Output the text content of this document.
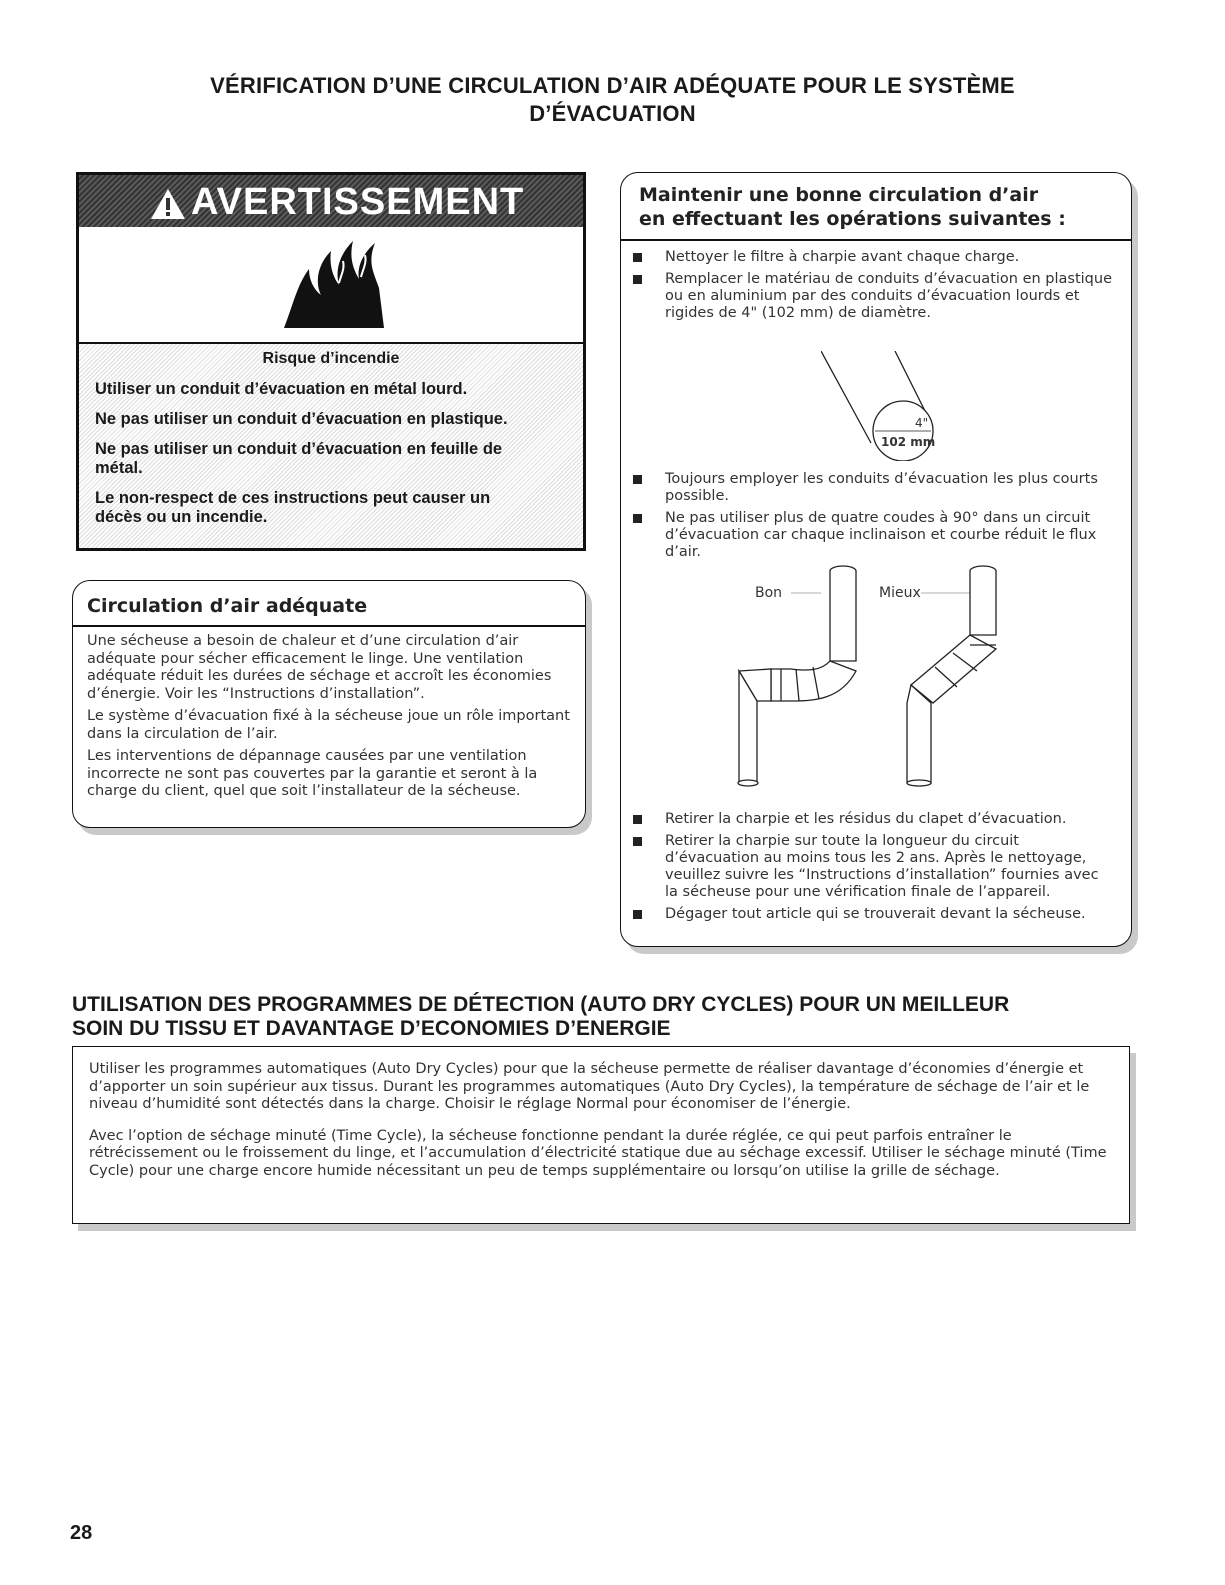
VÉRIFICATION D’UNE CIRCULATION D’AIR ADÉQUATE POUR LE SYSTÈME
D’ÉVACUATION
AVERTISSEMENT
Risque d’incendie

Utiliser un conduit d’évacuation en métal lourd.

Ne pas utiliser un conduit d’évacuation en plastique.

Ne pas utiliser un conduit d’évacuation en feuille de métal.

Le non-respect de ces instructions peut causer un décès ou un incendie.

Circulation d’air adéquate

Une sécheuse a besoin de chaleur et d’une circulation d’air adéquate pour sécher efficacement le linge. Une ventilation adéquate réduit les durées de séchage et accroît les économies d’énergie. Voir les “Instructions d’installation”.

Le système d’évacuation fixé à la sécheuse joue un rôle important dans la circulation de l’air.

Les interventions de dépannage causées par une ventilation incorrecte ne sont pas couvertes par la garantie et seront à la charge du client, quel que soit l’installateur de la sécheuse.

Maintenir une bonne circulation d’air
en effectuant les opérations suivantes :
Nettoyer le filtre à charpie avant chaque charge.
Remplacer le matériau de conduits d’évacuation en plastique ou en aluminium par des conduits d’évacuation lourds et rigides de 4" (102 mm) de diamètre.
4"
102 mm
Toujours employer les conduits d’évacuation les plus courts possible.
Ne pas utiliser plus de quatre coudes à 90° dans un circuit d’évacuation car chaque inclinaison et courbe réduit le flux d’air.
Bon	Mieux
Retirer la charpie et les résidus du clapet d’évacuation.
Retirer la charpie sur toute la longueur du circuit d’évacuation au moins tous les 2 ans. Après le nettoyage, veuillez suivre les “Instructions d’installation” fournies avec la sécheuse pour une vérification finale de l’appareil.
Dégager tout article qui se trouverait devant la sécheuse.
UTILISATION DES PROGRAMMES DE DÉTECTION (AUTO DRY CYCLES) POUR UN MEILLEUR
SOIN DU TISSU ET DAVANTAGE D’ECONOMIES D’ENERGIE

Utiliser les programmes automatiques (Auto Dry Cycles) pour que la sécheuse permette de réaliser davantage d’économies d’énergie et d’apporter un soin supérieur aux tissus. Durant les programmes automatiques (Auto Dry Cycles), la température de séchage de l’air et le niveau d’humidité sont détectés dans la charge. Choisir le réglage Normal pour économiser de l’énergie.

Avec l’option de séchage minuté (Time Cycle), la sécheuse fonctionne pendant la durée réglée, ce qui peut parfois entraîner le rétrécissement ou le froissement du linge, et l’accumulation d’électricité statique due au séchage excessif. Utiliser le séchage minuté (Time Cycle) pour une charge encore humide nécessitant un peu de temps supplémentaire ou lorsqu’on utilise la grille de séchage.

28
